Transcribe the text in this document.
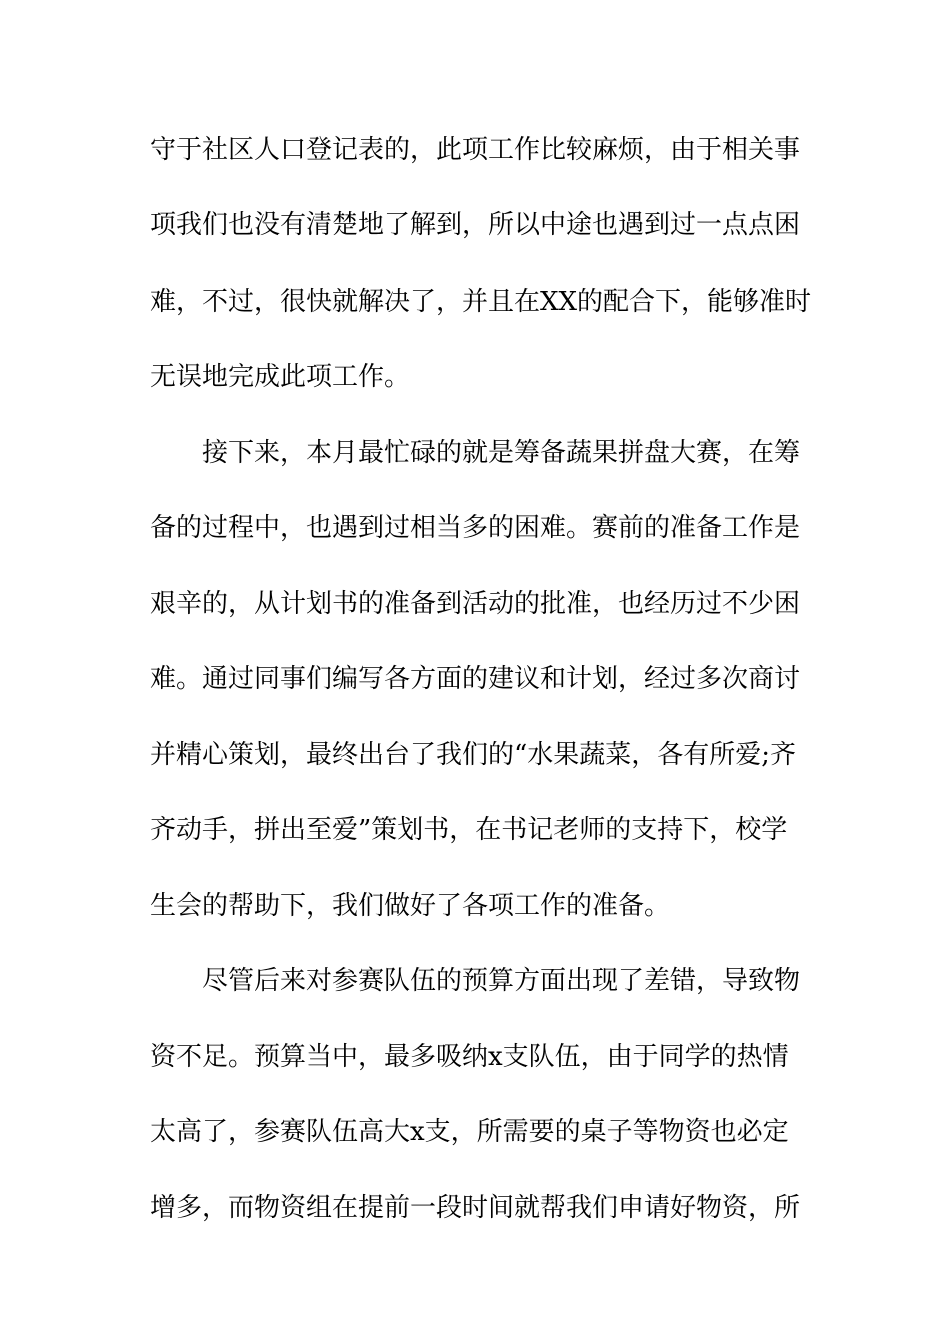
守于社区人口登记表的，此项工作比较麻烦，由于相关事
项我们也没有清楚地了解到，所以中途也遇到过一点点困
难，不过，很快就解决了，并且在XX的配合下，能够准时
无误地完成此项工作。
接下来，本月最忙碌的就是筹备蔬果拼盘大赛，在筹
备的过程中，也遇到过相当多的困难。赛前的准备工作是
艰辛的，从计划书的准备到活动的批准，也经历过不少困
难。通过同事们编写各方面的建议和计划，经过多次商讨
并精心策划，最终出台了我们的“水果蔬菜，各有所爱;齐
齐动手，拼出至爱”策划书，在书记老师的支持下，校学
生会的帮助下，我们做好了各项工作的准备。
尽管后来对参赛队伍的预算方面出现了差错，导致物
资不足。预算当中，最多吸纳x支队伍，由于同学的热情
太高了，参赛队伍高大x支，所需要的桌子等物资也必定
增多，而物资组在提前一段时间就帮我们申请好物资，所
